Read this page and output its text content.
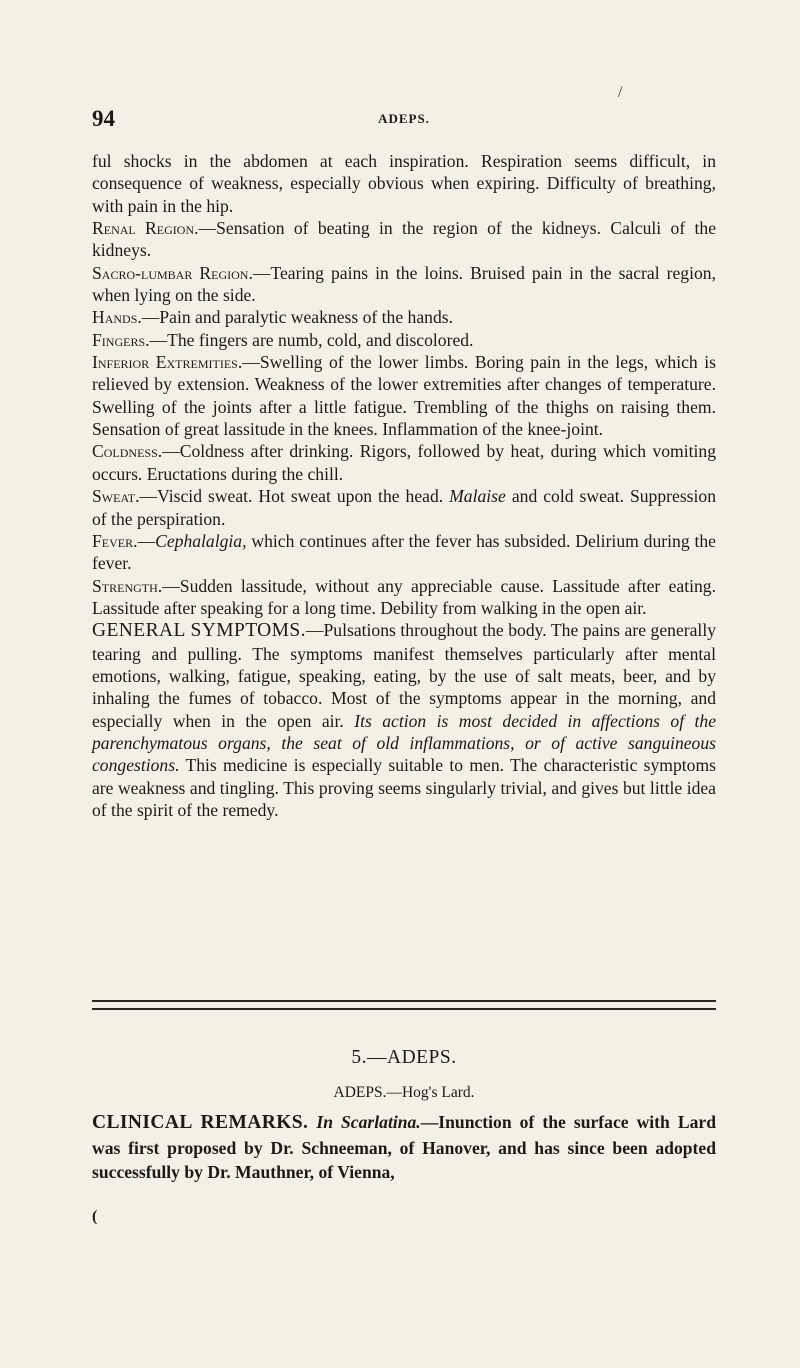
94	ADEPS.
/

ful shocks in the abdomen at each inspiration. Respiration seems difficult, in consequence of weakness, especially obvious when expiring. Difficulty of breathing, with pain in the hip.

Renal Region.—Sensation of beating in the region of the kidneys. Calculi of the kidneys.

Sacro-lumbar Region.—Tearing pains in the loins. Bruised pain in the sacral region, when lying on the side.

Hands.—Pain and paralytic weakness of the hands.

Fingers.—The fingers are numb, cold, and discolored.

Inferior Extremities.—Swelling of the lower limbs. Boring pain in the legs, which is relieved by extension. Weakness of the lower extremities after changes of temperature. Swelling of the joints after a little fatigue. Trembling of the thighs on raising them. Sensation of great lassitude in the knees. Inflammation of the knee-joint.

Coldness.—Coldness after drinking. Rigors, followed by heat, during which vomiting occurs. Eructations during the chill.

Sweat.—Viscid sweat. Hot sweat upon the head. Malaise and cold sweat. Suppression of the perspiration.

Fever.—Cephalalgia, which continues after the fever has subsided. Delirium during the fever.

Strength.—Sudden lassitude, without any appreciable cause. Lassitude after eating. Lassitude after speaking for a long time. Debility from walking in the open air.

GENERAL SYMPTOMS.—Pulsations throughout the body. The pains are generally tearing and pulling. The symptoms manifest themselves particularly after mental emotions, walking, fatigue, speaking, eating, by the use of salt meats, beer, and by inhaling the fumes of tobacco. Most of the symptoms appear in the morning, and especially when in the open air. Its action is most decided in affections of the parenchymatous organs, the seat of old inflammations, or of active sanguineous congestions. This medicine is especially suitable to men. The characteristic symptoms are weakness and tingling. This proving seems singularly trivial, and gives but little idea of the spirit of the remedy.

5.—ADEPS.
ADEPS.—Hog's Lard.

CLINICAL REMARKS. In Scarlatina.—Inunction of the surface with Lard was first proposed by Dr. Schneeman, of Hanover, and has since been adopted successfully by Dr. Mauthner, of Vienna,

(
